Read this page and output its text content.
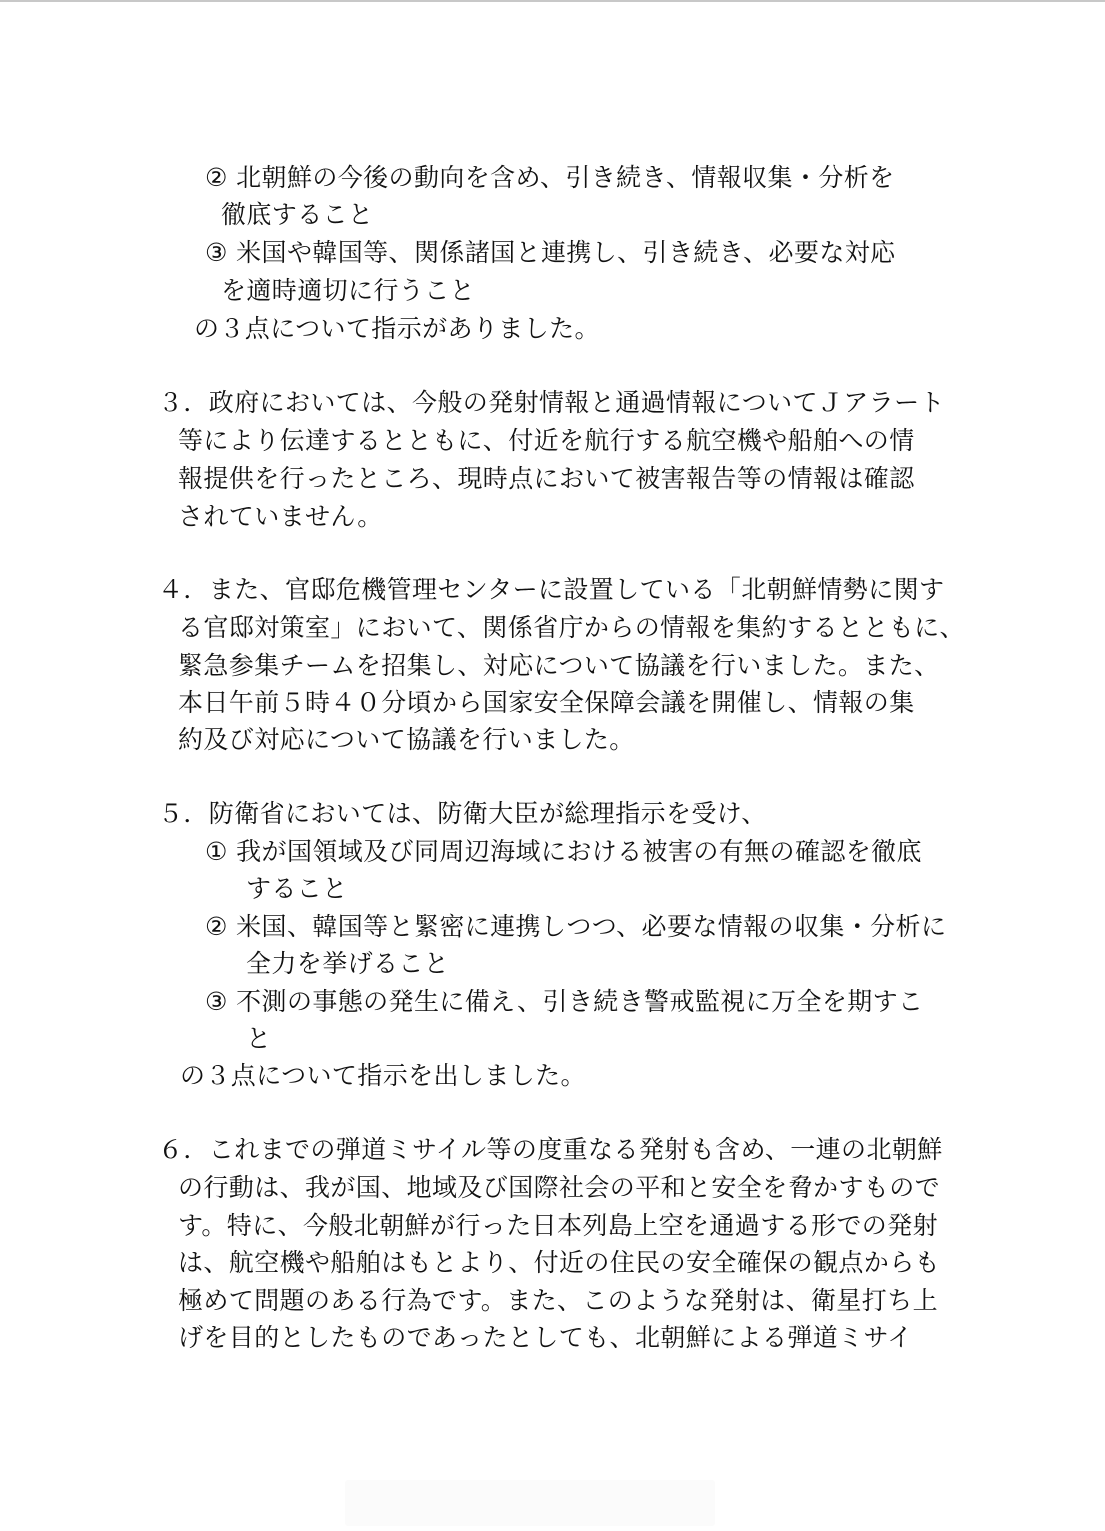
② 北朝鮮の今後の動向を含め、引き続き、情報収集・分析を
徹底すること
③ 米国や韓国等、関係諸国と連携し、引き続き、必要な対応
を適時適切に行うこと
の３点について指示がありました。
３．政府においては、今般の発射情報と通過情報についてＪアラート
等により伝達するとともに、付近を航行する航空機や船舶への情
報提供を行ったところ、現時点において被害報告等の情報は確認
されていません。
４．また、官邸危機管理センターに設置している「北朝鮮情勢に関す
る官邸対策室」において、関係省庁からの情報を集約するとともに、
緊急参集チームを招集し、対応について協議を行いました。また、
本日午前５時４０分頃から国家安全保障会議を開催し、情報の集
約及び対応について協議を行いました。
５．防衛省においては、防衛大臣が総理指示を受け、
① 我が国領域及び同周辺海域における被害の有無の確認を徹底
すること
② 米国、韓国等と緊密に連携しつつ、必要な情報の収集・分析に
全力を挙げること
③ 不測の事態の発生に備え、引き続き警戒監視に万全を期すこ
と
の３点について指示を出しました。
６．これまでの弾道ミサイル等の度重なる発射も含め、一連の北朝鮮
の行動は、我が国、地域及び国際社会の平和と安全を脅かすもので
す。特に、今般北朝鮮が行った日本列島上空を通過する形での発射
は、航空機や船舶はもとより、付近の住民の安全確保の観点からも
極めて問題のある行為です。また、このような発射は、衛星打ち上
げを目的としたものであったとしても、北朝鮮による弾道ミサイ
